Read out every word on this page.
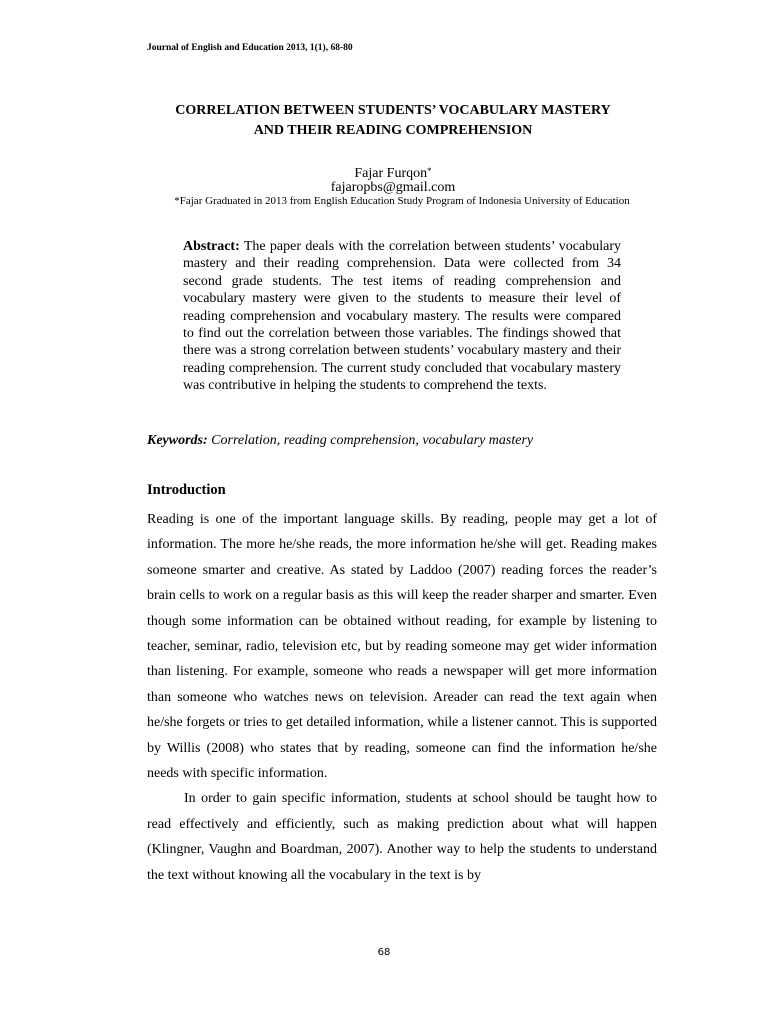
Journal of English and Education 2013, 1(1), 68-80
CORRELATION BETWEEN STUDENTS’ VOCABULARY MASTERY
AND THEIR READING COMPREHENSION
Fajar Furqon*
fajaropbs@gmail.com
*Fajar Graduated in 2013 from English Education Study Program of Indonesia University of Education
Abstract: The paper deals with the correlation between students’ vocabulary mastery and their reading comprehension. Data were collected from 34 second grade students. The test items of reading comprehension and vocabulary mastery were given to the students to measure their level of reading comprehension and vocabulary mastery. The results were compared to find out the correlation between those variables. The findings showed that there was a strong correlation between students’ vocabulary mastery and their reading comprehension. The current study concluded that vocabulary mastery was contributive in helping the students to comprehend the texts.
Keywords: Correlation, reading comprehension, vocabulary mastery
Introduction

Reading is one of the important language skills. By reading, people may get a lot of information. The more he/she reads, the more information he/she will get. Reading makes someone smarter and creative. As stated by Laddoo (2007) reading forces the reader’s brain cells to work on a regular basis as this will keep the reader sharper and smarter. Even though some information can be obtained without reading, for example by listening to teacher, seminar, radio, television etc, but by reading someone may get wider information than listening. For example, someone who reads a newspaper will get more information than someone who watches news on television. Areader can read the text again when he/she forgets or tries to get detailed information, while a listener cannot. This is supported by Willis (2008) who states that by reading, someone can find the information he/she needs with specific information.

In order to gain specific information, students at school should be taught how to read effectively and efficiently, such as making prediction about what will happen (Klingner, Vaughn and Boardman, 2007). Another way to help the students to understand the text without knowing all the vocabulary in the text is by

68
